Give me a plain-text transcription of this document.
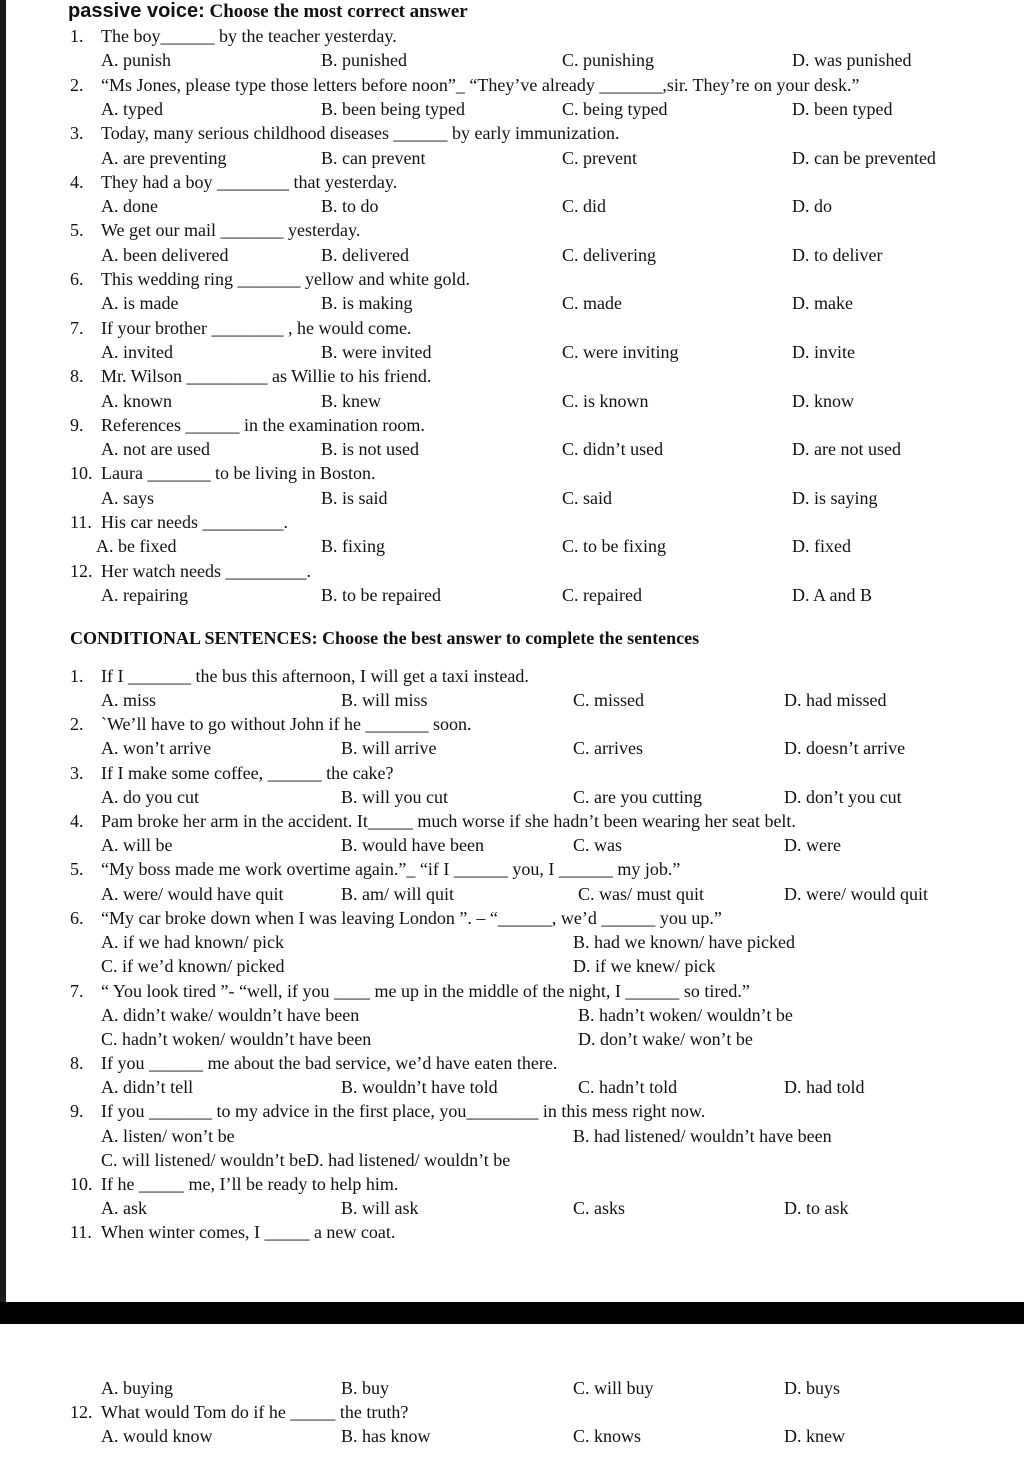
passive voice: Choose the most correct answer
1. The boy______ by the teacher yesterday.
A. punish	B. punished	C. punishing	D. was punished
2. “Ms Jones, please type those letters before noon”_ “They’ve already _______,sir. They’re on your desk.”
A. typed	B. been being typed	C. being typed	D. been typed
3. Today, many serious childhood diseases ______ by early immunization.
A. are preventing	B. can prevent	C. prevent	D. can be prevented
4. They had a boy ________ that yesterday.
A. done	B. to do	C. did	D. do
5. We get our mail _______ yesterday.
A. been delivered	B. delivered	C. delivering	D. to deliver
6. This wedding ring _______ yellow and white gold.
A. is made	B. is making	C. made	D. make
7. If your brother ________ , he would come.
A. invited	B. were invited	C. were inviting	D. invite
8. Mr. Wilson _________ as Willie to his friend.
A. known	B. knew	C. is known	D. know
9. References ______ in the examination room.
A. not are used	B. is not used	C. didn’t used	D. are not used
10. Laura _______ to be living in Boston.
A. says	B. is said	C. said	D. is saying
11. His car needs _________.
A. be fixed	B. fixing	C. to be fixing	D. fixed
12. Her watch needs _________.
A. repairing	B. to be repaired	C. repaired	D. A and B
CONDITIONAL SENTENCES: Choose the best answer to complete the sentences
1. If I _______ the bus this afternoon, I will get a taxi instead.
A. miss	B. will miss	C. missed	D. had missed
2. `We’ll have to go without John if he _______ soon.
A. won’t arrive	B. will arrive	C. arrives	D. doesn’t arrive
3. If I make some coffee, ______ the cake?
A. do you cut	B. will you cut	C. are you cutting	D. don’t you cut
4. Pam broke her arm in the accident. It_____ much worse if she hadn’t been wearing her seat belt.
A. will be	B. would have been	C. was	D. were
5. “My boss made me work overtime again.”_ “if I ______ you, I ______ my job.”
A. were/ would have quit	B. am/ will quit	C. was/ must quit	D. were/ would quit
6. “My car broke down when I was leaving London ”. – “______, we’d ______ you up.”
A. if we had known/ pick	B. had we known/ have picked
C. if we’d known/ picked	D. if we knew/ pick
7. “ You look tired ”- “well, if you ____ me up in the middle of the night, I ______ so tired.”
A. didn’t wake/ wouldn’t have been	B. hadn’t woken/ wouldn’t be
C. hadn’t woken/ wouldn’t have been	D. don’t wake/ won’t be
8. If you ______ me about the bad service, we’d have eaten there.
A. didn’t tell	B. wouldn’t have told	C. hadn’t told	D. had told
9. If you _______ to my advice in the first place, you________ in this mess right now.
A. listen/ won’t be	B. had listened/ wouldn’t have been
C. will listened/ wouldn’t beD. had listened/ wouldn’t be
10. If he _____ me, I’ll be ready to help him.
A. ask	B. will ask	C. asks	D. to ask
11. When winter comes, I _____ a new coat.
A. buying	B. buy	C. will buy	D. buys
12. What would Tom do if he _____ the truth?
A. would know	B. has know	C. knows	D. knew
